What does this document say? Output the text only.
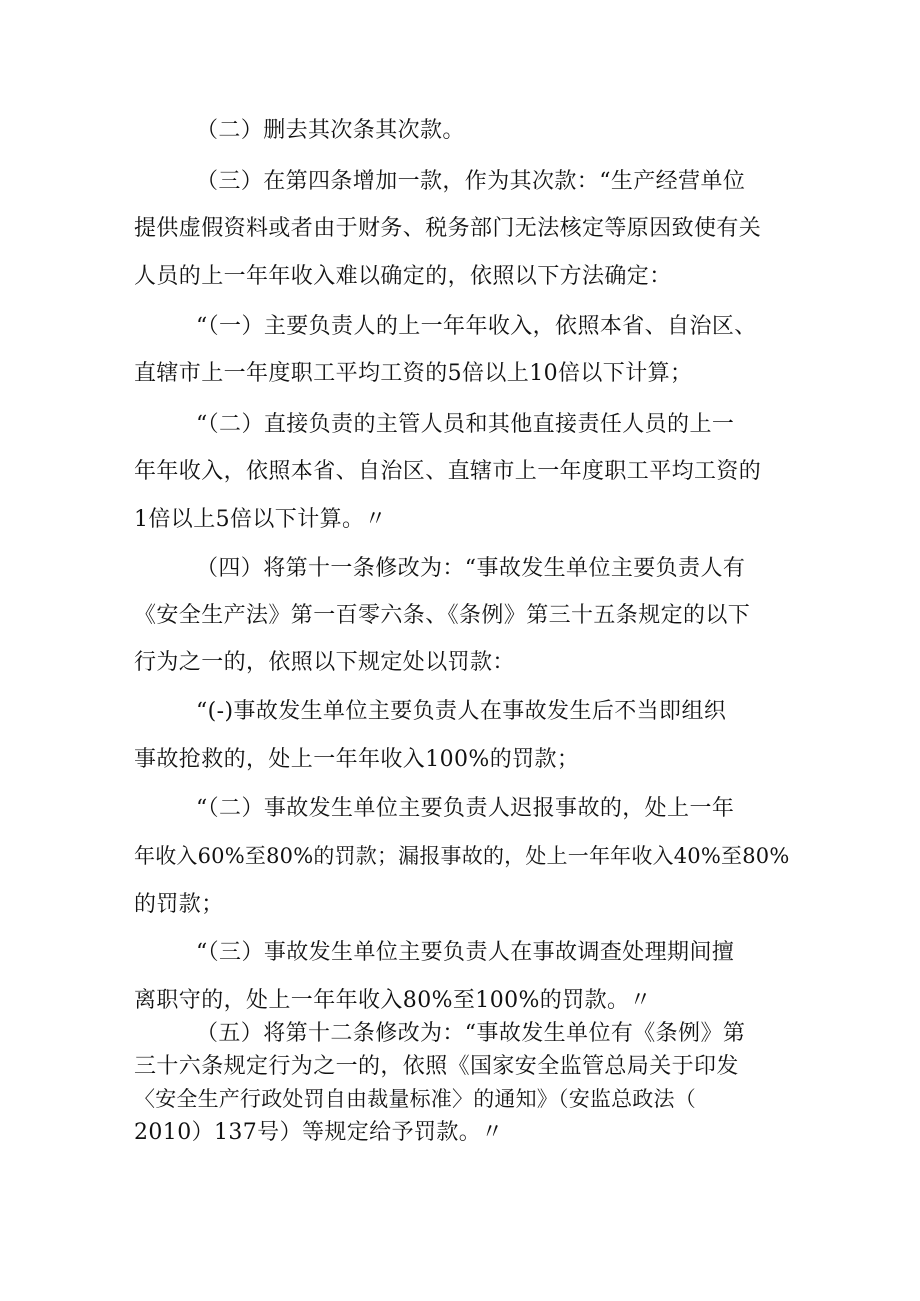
（二）删去其次条其次款。
（三）在第四条增加一款，作为其次款：“生产经营单位
提供虚假资料或者由于财务、税务部门无法核定等原因致使有关
人员的上一年年收入难以确定的，依照以下方法确定：
“（一）主要负责人的上一年年收入，依照本省、自治区、
直辖市上一年度职工平均工资的5倍以上10倍以下计算；
“（二）直接负责的主管人员和其他直接责任人员的上一
年年收入，依照本省、自治区、直辖市上一年度职工平均工资的
1倍以上5倍以下计算。〃
（四）将第十一条修改为：“事故发生单位主要负责人有
《安全生产法》第一百零六条、《条例》第三十五条规定的以下
行为之一的，依照以下规定处以罚款：
“(-)事故发生单位主要负责人在事故发生后不当即组织
事故抢救的，处上一年年收入100%的罚款；
“（二）事故发生单位主要负责人迟报事故的，处上一年
年收入60%至80%的罚款；漏报事故的，处上一年年收入40%至80%
的罚款；
“（三）事故发生单位主要负责人在事故调查处理期间擅
离职守的，处上一年年收入80%至100%的罚款。〃
（五）将第十二条修改为：“事故发生单位有《条例》第
三十六条规定行为之一的，依照《国家安全监管总局关于印发
〈安全生产行政处罚自由裁量标准〉的通知》（安监总政法（
2010）137号）等规定给予罚款。〃
